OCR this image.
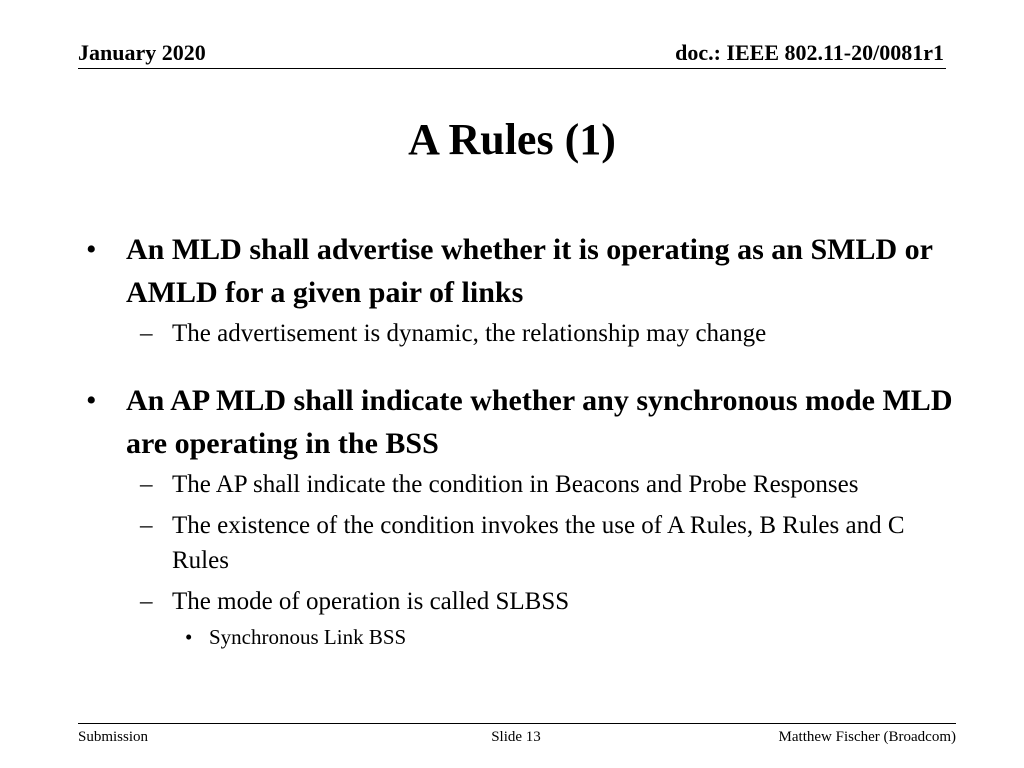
January 2020	doc.: IEEE 802.11-20/0081r1
A Rules (1)
• An MLD shall advertise whether it is operating as an SMLD or AMLD for a given pair of links
– The advertisement is dynamic, the relationship may change
• An AP MLD shall indicate whether any synchronous mode MLD are operating in the BSS
– The AP shall indicate the condition in Beacons and Probe Responses
– The existence of the condition invokes the use of A Rules, B Rules and C Rules
– The mode of operation is called SLBSS
• Synchronous Link BSS
Submission	Slide 13	Matthew Fischer (Broadcom)
